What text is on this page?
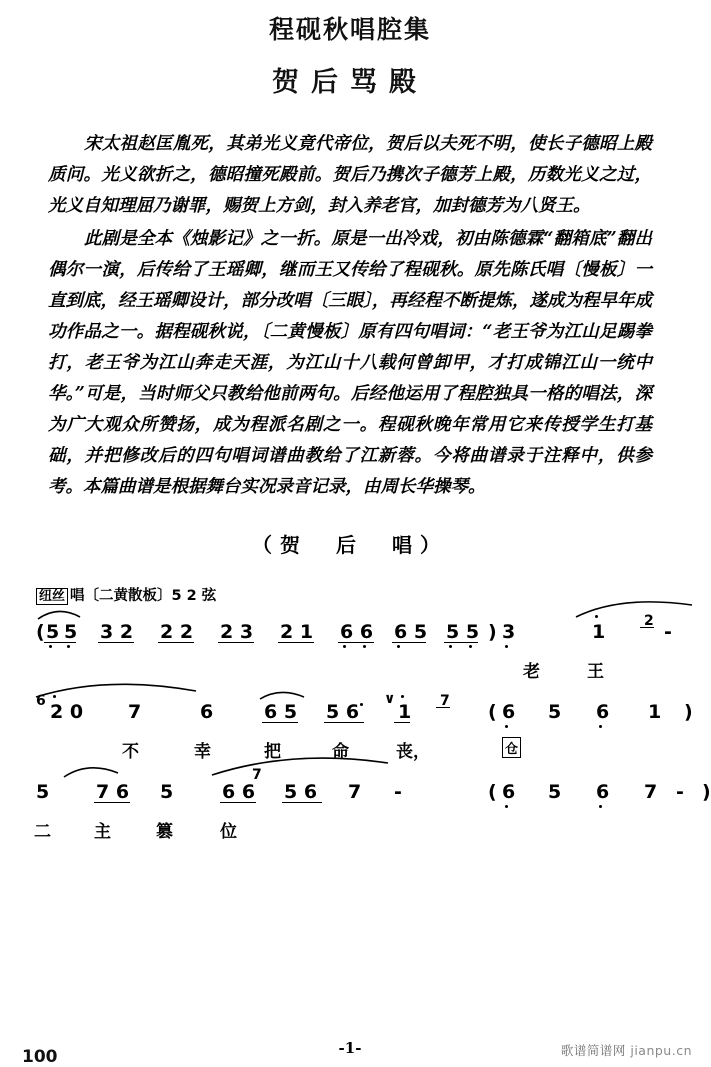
程砚秋唱腔集
贺后骂殿

宋太祖赵匡胤死，其弟光义竟代帝位，贺后以夫死不明，使长子德昭上殿质问。光义欲折之，德昭撞死殿前。贺后乃携次子德芳上殿，历数光义之过，光义自知理屈乃谢罪，赐贺上方剑，封入养老官，加封德芳为八贤王。

此剧是全本《烛影记》之一折。原是一出冷戏，初由陈德霖“翻箱底”翻出偶尔一演，后传给了王瑶卿，继而王又传给了程砚秋。原先陈氏唱〔慢板〕一直到底，经王瑶卿设计，部分改唱〔三眼〕，再经程不断提炼，遂成为程早年成功作品之一。据程砚秋说，〔二黄慢板〕原有四句唱词：“老王爷为江山足踢拳打，老王爷为江山奔走天涯，为江山十八载何曾卸甲，才打成锦江山一统中华。”可是，当时师父只教给他前两句。后经他运用了程腔独具一格的唱法，深为广大观众所赞扬，成为程派名剧之一。程砚秋晚年常用它来传授学生打基础，并把修改后的四句唱词谱曲教给了江新蓉。今将曲谱录于注释中，供参考。本篇曲谱是根据舞台实况录音记录，由周长华操琴。

（贺　后　唱）
纽丝 唱〔二黄散板〕5 2 弦
( 5 5 3 2 2 2 2 3 2 1 6 6 6 5 5 5 ) 3	1	2 -
老	王
6 2 0 7	6	6 5 5 6
∨
1 7 ( 6 5 6 1 )
不	幸	把	命	丧，	仓
5 7 6 5	6 6
7
5 6 7 -	( 6 5 6 7 - )
二	主	篡	位
100	-1-	歌谱简谱网 jianpu.cn
